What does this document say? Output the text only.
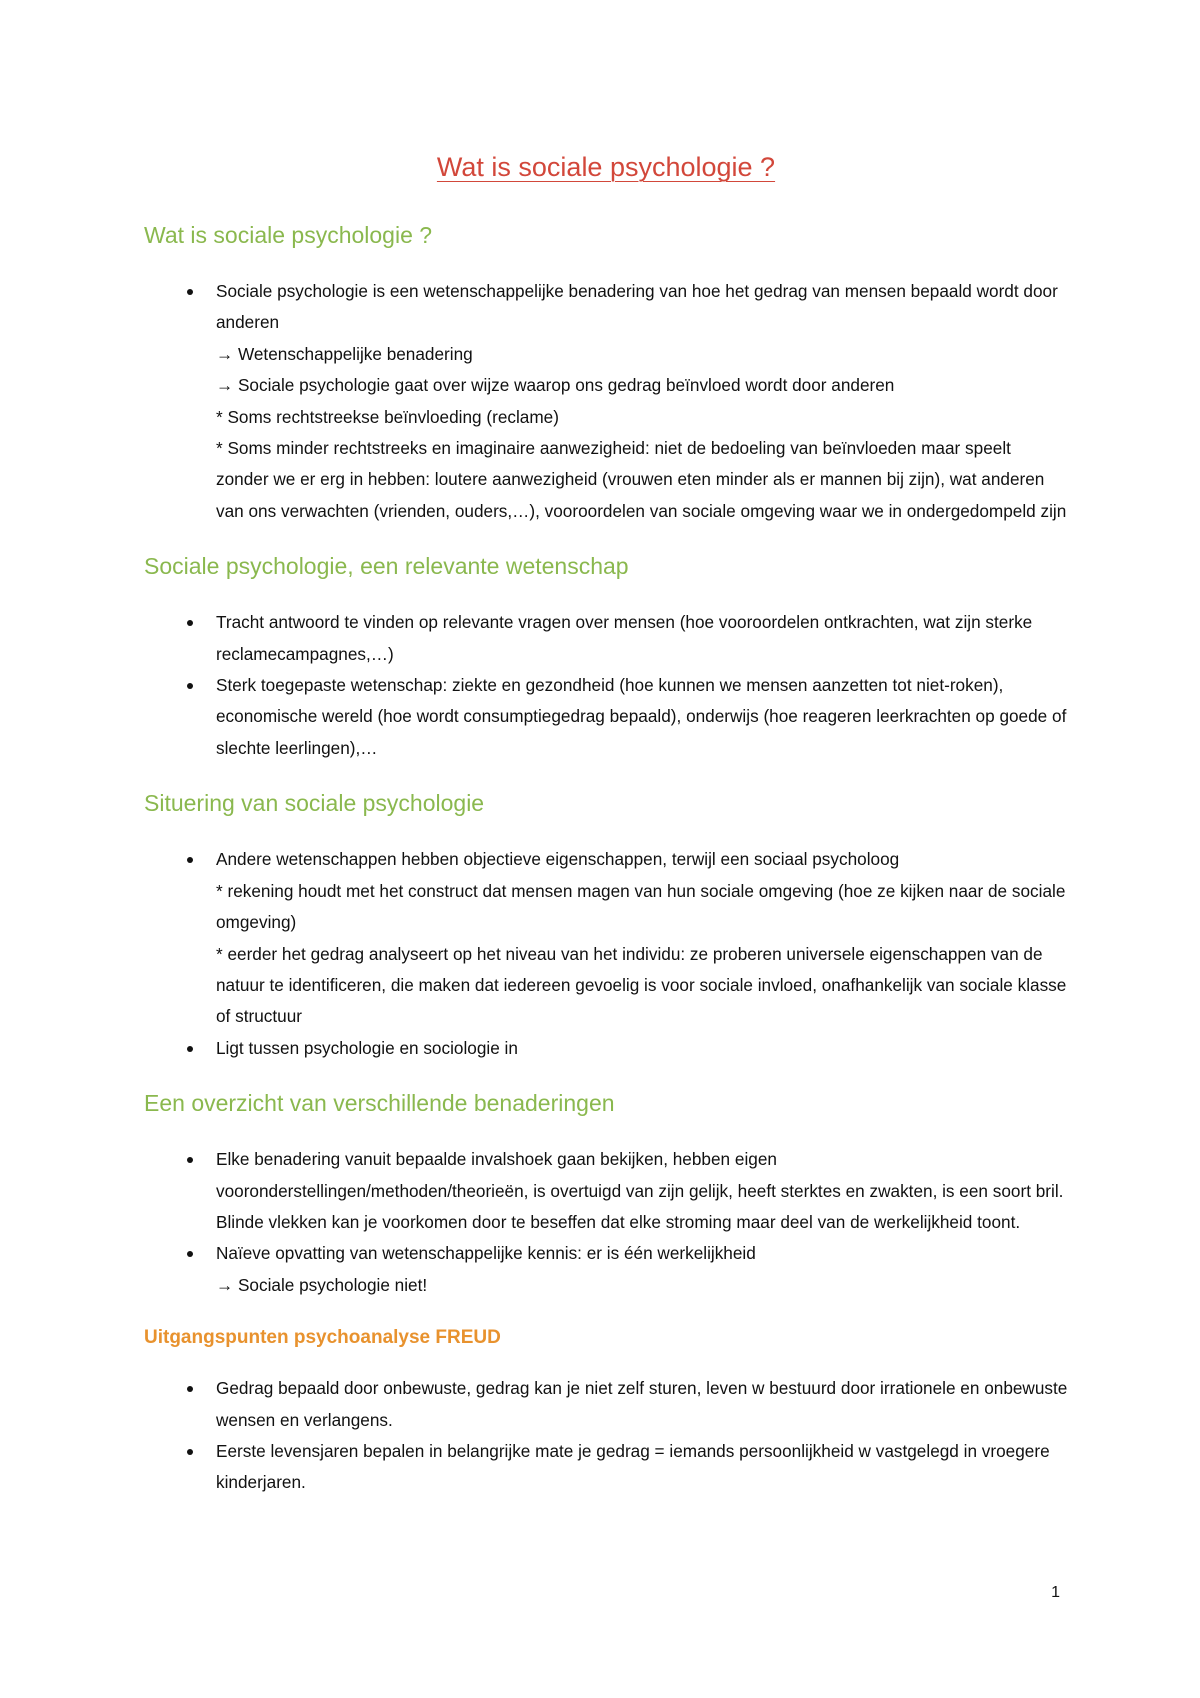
Wat is sociale psychologie ?
Wat is sociale psychologie ?
Sociale psychologie is een wetenschappelijke benadering van hoe het gedrag van mensen bepaald wordt door anderen
→ Wetenschappelijke benadering
→ Sociale psychologie gaat over wijze waarop ons gedrag beïnvloed wordt door anderen
* Soms rechtstreekse beïnvloeding (reclame)
* Soms minder rechtstreeks en imaginaire aanwezigheid: niet de bedoeling van beïnvloeden maar speelt zonder we er erg in hebben: loutere aanwezigheid (vrouwen eten minder als er mannen bij zijn), wat anderen van ons verwachten (vrienden, ouders,…), vooroordelen van sociale omgeving waar we in ondergedompeld zijn
Sociale psychologie, een relevante wetenschap
Tracht antwoord te vinden op relevante vragen over mensen (hoe vooroordelen ontkrachten, wat zijn sterke reclamecampagnes,…)
Sterk toegepaste wetenschap: ziekte en gezondheid (hoe kunnen we mensen aanzetten tot niet-roken), economische wereld (hoe wordt consumptiegedrag bepaald), onderwijs (hoe reageren leerkrachten op goede of slechte leerlingen),…
Situering van sociale psychologie
Andere wetenschappen hebben objectieve eigenschappen, terwijl een sociaal psycholoog
* rekening houdt met het construct dat mensen magen van hun sociale omgeving (hoe ze kijken naar de sociale omgeving)
* eerder het gedrag analyseert op het niveau van het individu: ze proberen universele eigenschappen van de natuur te identificeren, die maken dat iedereen gevoelig is voor sociale invloed, onafhankelijk van sociale klasse of structuur
Ligt tussen psychologie en sociologie in
Een overzicht van verschillende benaderingen
Elke benadering vanuit bepaalde invalshoek gaan bekijken, hebben eigen vooronderstellingen/methoden/theorieën, is overtuigd van zijn gelijk, heeft sterktes en zwakten, is een soort bril. Blinde vlekken kan je voorkomen door te beseffen dat elke stroming maar deel van de werkelijkheid toont.
Naïeve opvatting van wetenschappelijke kennis: er is één werkelijkheid
→ Sociale psychologie niet!
Uitgangspunten psychoanalyse FREUD
Gedrag bepaald door onbewuste, gedrag kan je niet zelf sturen, leven w bestuurd door irrationele en onbewuste wensen en verlangens.
Eerste levensjaren bepalen in belangrijke mate je gedrag = iemands persoonlijkheid w vastgelegd in vroegere kinderjaren.
1
